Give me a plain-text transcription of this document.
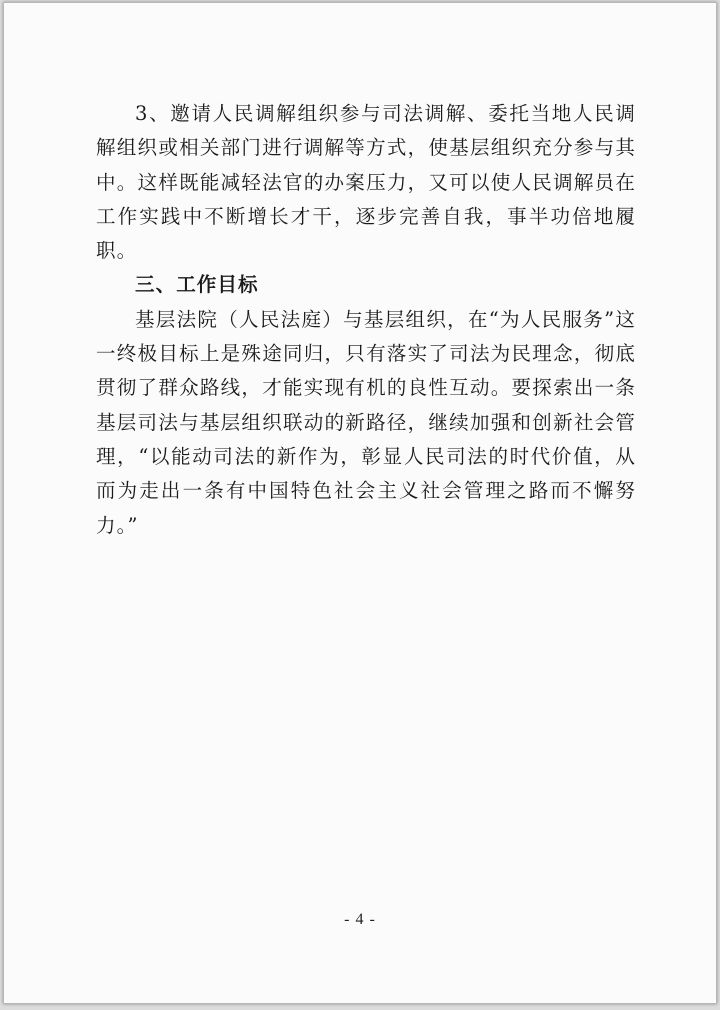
3、邀请人民调解组织参与司法调解、委托当地人民调解组织或相关部门进行调解等方式，使基层组织充分参与其中。这样既能减轻法官的办案压力，又可以使人民调解员在工作实践中不断增长才干，逐步完善自我，事半功倍地履职。

三、工作目标

基层法院（人民法庭）与基层组织，在“为人民服务”这一终极目标上是殊途同归，只有落实了司法为民理念，彻底贯彻了群众路线，才能实现有机的良性互动。要探索出一条基层司法与基层组织联动的新路径，继续加强和创新社会管理，“以能动司法的新作为，彰显人民司法的时代价值，从而为走出一条有中国特色社会主义社会管理之路而不懈努力。”

- 4 -
